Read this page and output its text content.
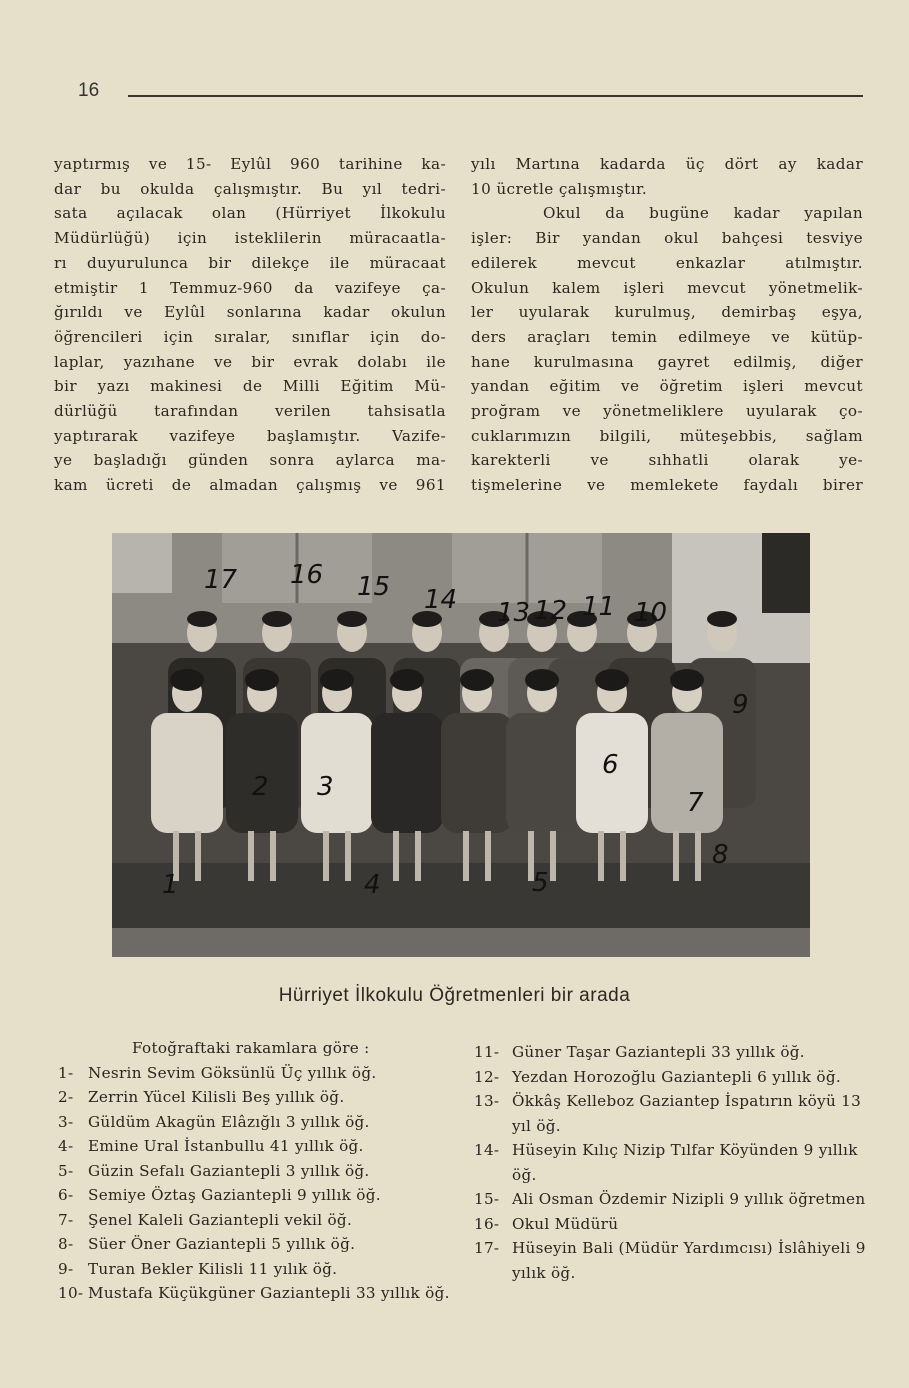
16

yaptırmış ve 15- Eylûl 960 tarihine ka-

dar bu okulda çalışmıştır. Bu yıl tedri-

sata açılacak olan (Hürriyet İlkokulu

Müdürlüğü) için isteklilerin müracaatla-

rı duyurulunca bir dilekçe ile müracaat

etmiştir 1 Temmuz-960 da vazifeye ça-

ğırıldı ve Eylûl sonlarına kadar okulun

öğrencileri için sıralar, sınıflar için do-

laplar, yazıhane ve bir evrak dolabı ile

bir yazı makinesi de Milli Eğitim Mü-

dürlüğü tarafından verilen tahsisatla

yaptırarak vazifeye başlamıştır. Vazife-

ye başladığı günden sonra aylarca ma-

kam ücreti de almadan çalışmış ve 961

yılı Martına kadarda üç dört ay kadar

10 ücretle çalışmıştır.

Okul da bugüne kadar yapılan

işler: Bir yandan okul bahçesi tesviye

edilerek mevcut enkazlar atılmıştır.

Okulun kalem işleri mevcut yönetmelik-

ler uyularak kurulmuş, demirbaş eşya,

ders araçları temin edilmeye ve kütüp-

hane kurulmasına gayret edilmiş, diğer

yandan eğitim ve öğretim işleri mevcut

proğram ve yönetmeliklere uyularak ço-

cuklarımızın bilgili, müteşebbis, sağlam

karekterli ve sıhhatli olarak ye-

tişmelerine ve memlekete faydalı birer

17 16 15 14 13 12 11 10
9
1
2 3
4	5
6
7
8
Hürriyet İlkokulu Öğretmenleri bir arada
Fotoğraftaki rakamlara göre :
1- Nesrin Sevim Göksünlü Üç yıllık öğ.
2- Zerrin Yücel Kilisli Beş yıllık öğ.
3- Güldüm Akagün Elâzığlı 3 yıllık öğ.
4- Emine Ural İstanbullu 41 yıllık öğ.
5- Güzin Sefalı Gaziantepli 3 yıllık öğ.
6- Semiye Öztaş Gaziantepli 9 yıllık öğ.
7- Şenel Kaleli Gaziantepli vekil öğ.
8- Süer Öner Gaziantepli 5 yıllık öğ.
9- Turan Bekler Kilisli 11 yılık öğ.
10- Mustafa Küçükgüner Gaziantepli 33 yıllık öğ.
11- Güner Taşar Gaziantepli 33 yıllık öğ.
12- Yezdan Horozoğlu Gaziantepli 6 yıllık öğ.
13- Ökkâş Kelleboz Gaziantep İspatırın köyü 13 yıl öğ.
14- Hüseyin Kılıç Nizip Tılfar Köyünden 9 yıllık öğ.
15- Ali Osman Özdemir Nizipli 9 yıllık öğretmen
16- Okul Müdürü
17- Hüseyin Bali (Müdür Yardımcısı) İslâhiyeli 9 yılık öğ.
